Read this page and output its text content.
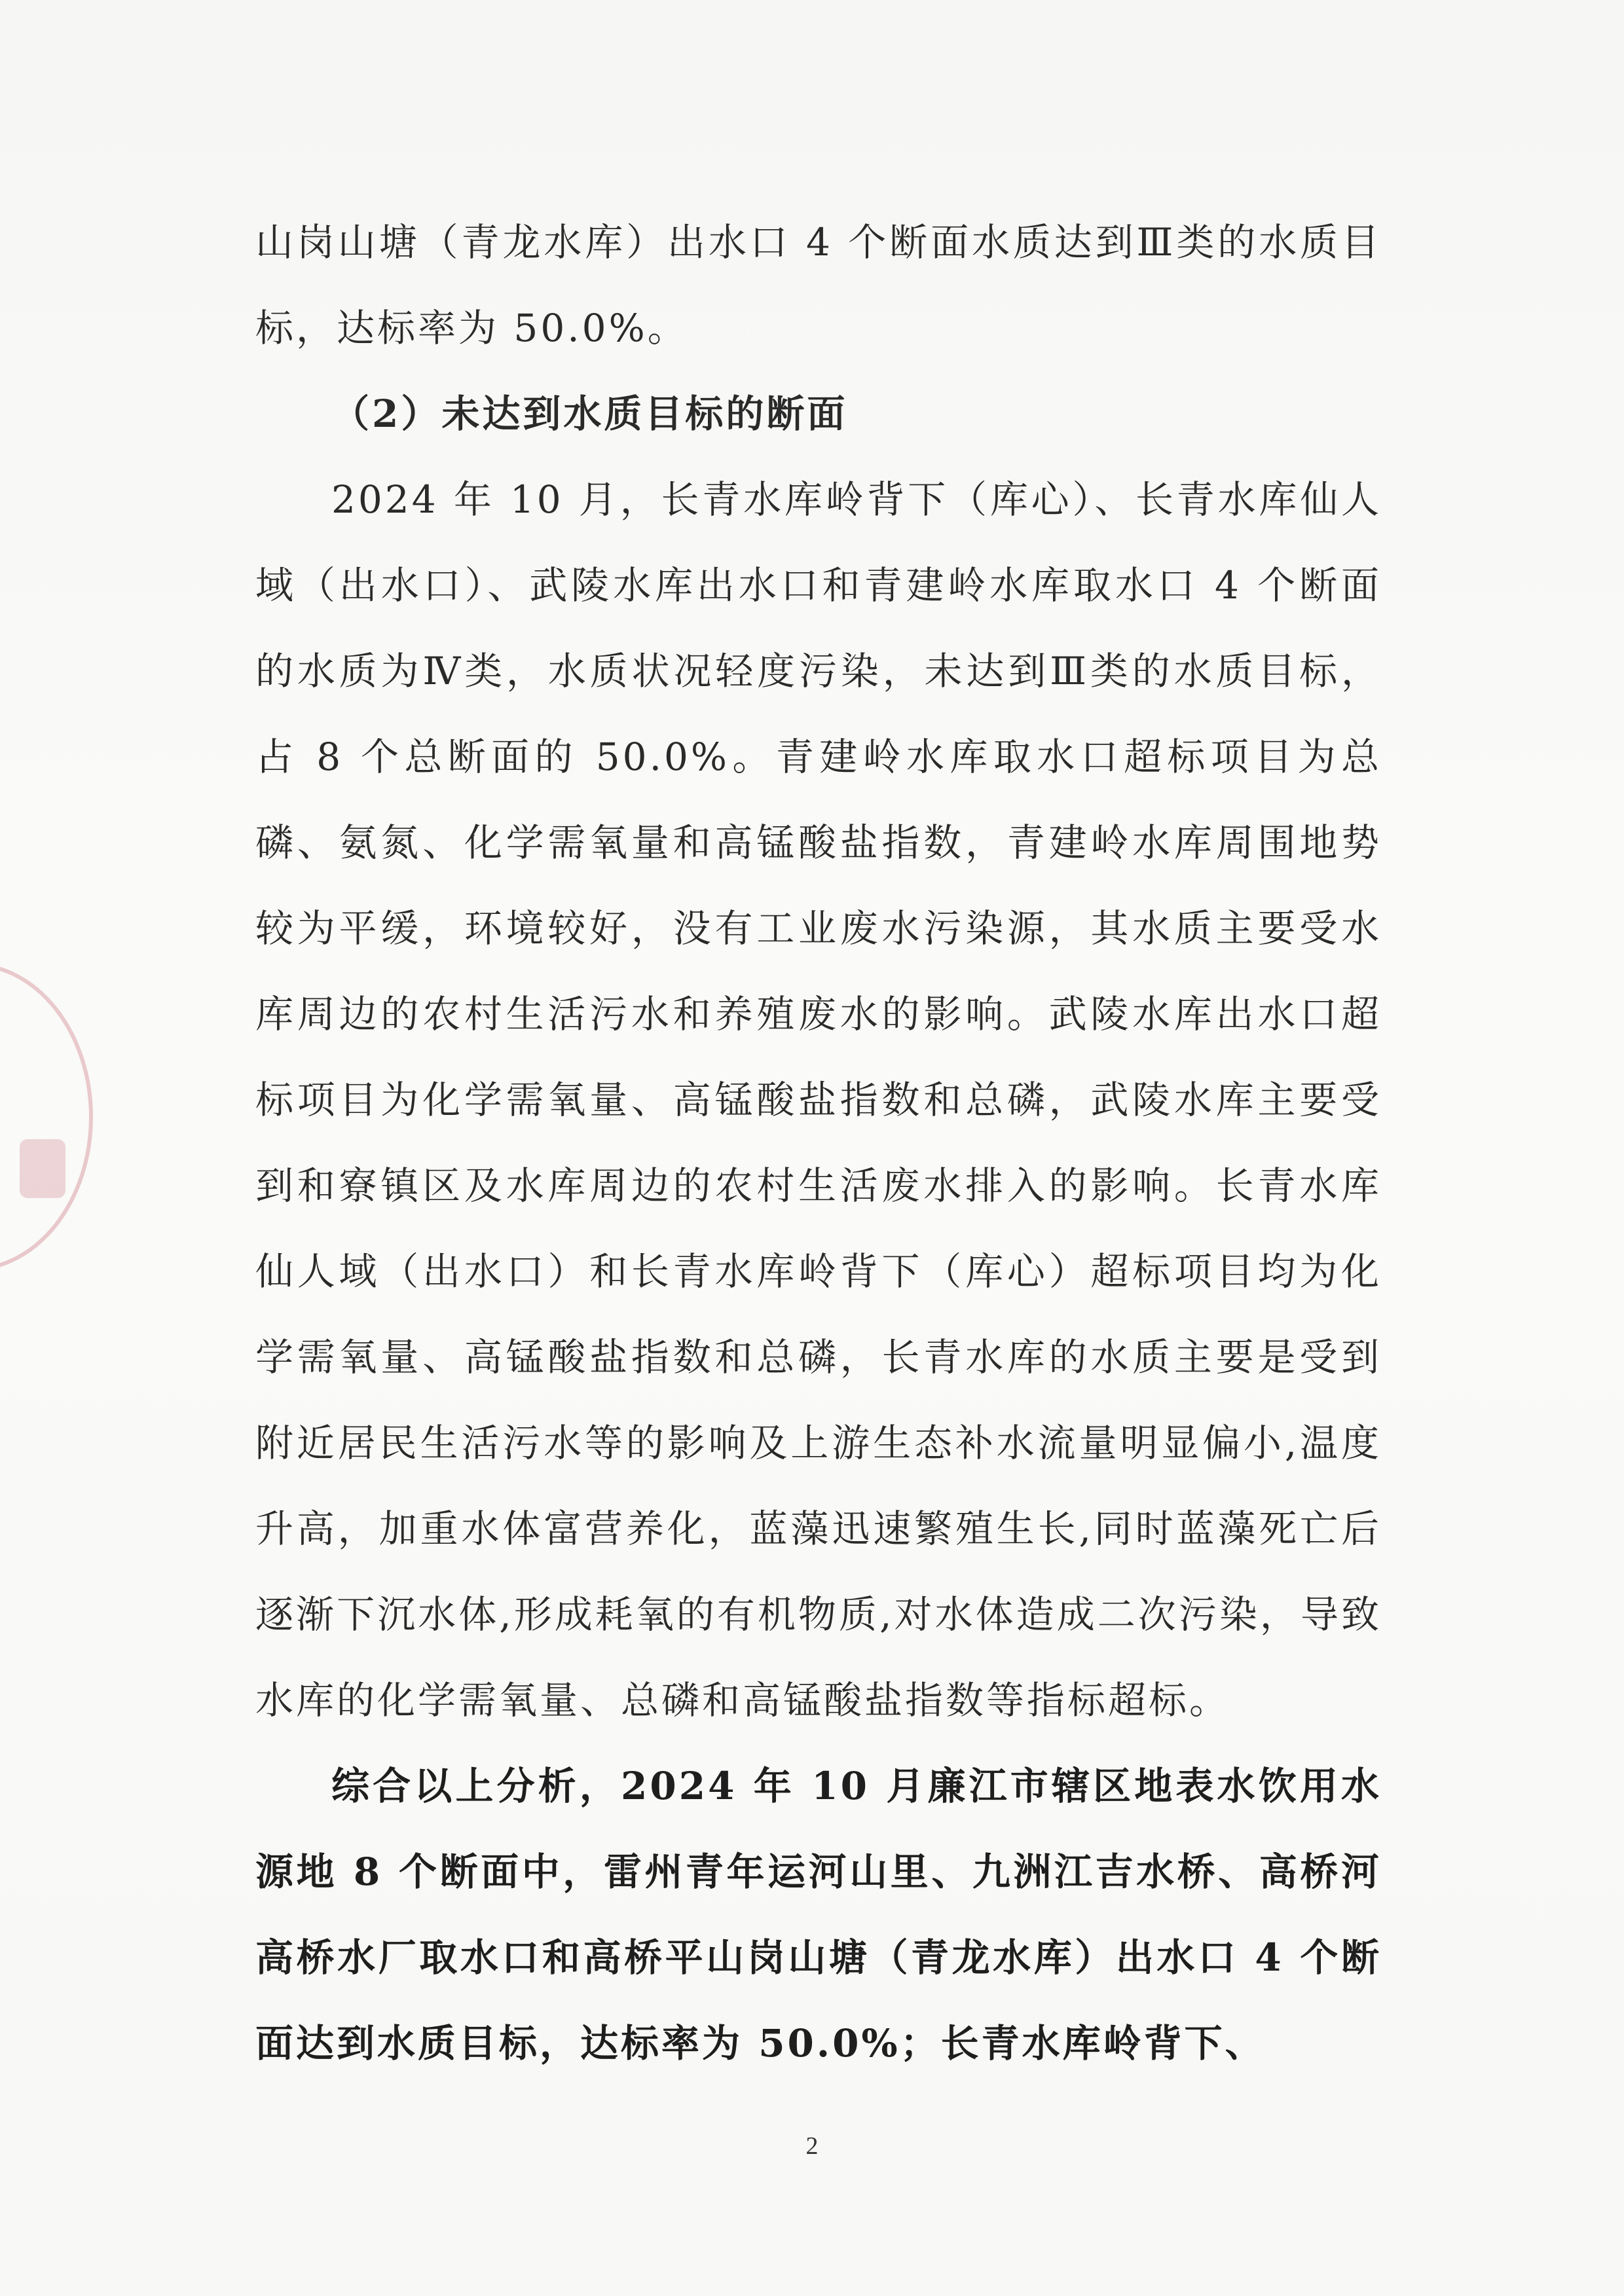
山岗山塘（青龙水库）出水口 4 个断面水质达到Ⅲ类的水质目标，达标率为 50.0%。

（2）未达到水质目标的断面

2024 年 10 月，长青水库岭背下（库心）、长青水库仙人域（出水口）、武陵水库出水口和青建岭水库取水口 4 个断面的水质为Ⅳ类，水质状况轻度污染，未达到Ⅲ类的水质目标，占 8 个总断面的 50.0%。青建岭水库取水口超标项目为总磷、氨氮、化学需氧量和高锰酸盐指数，青建岭水库周围地势较为平缓，环境较好，没有工业废水污染源，其水质主要受水库周边的农村生活污水和养殖废水的影响。武陵水库出水口超标项目为化学需氧量、高锰酸盐指数和总磷，武陵水库主要受到和寮镇区及水库周边的农村生活废水排入的影响。长青水库仙人域（出水口）和长青水库岭背下（库心）超标项目均为化学需氧量、高锰酸盐指数和总磷，长青水库的水质主要是受到附近居民生活污水等的影响及上游生态补水流量明显偏小,温度升高，加重水体富营养化，蓝藻迅速繁殖生长,同时蓝藻死亡后逐渐下沉水体,形成耗氧的有机物质,对水体造成二次污染，导致水库的化学需氧量、总磷和高锰酸盐指数等指标超标。

综合以上分析，2024 年 10 月廉江市辖区地表水饮用水源地 8 个断面中，雷州青年运河山里、九洲江吉水桥、高桥河高桥水厂取水口和高桥平山岗山塘（青龙水库）出水口 4 个断面达到水质目标，达标率为 50.0%；长青水库岭背下、

2
